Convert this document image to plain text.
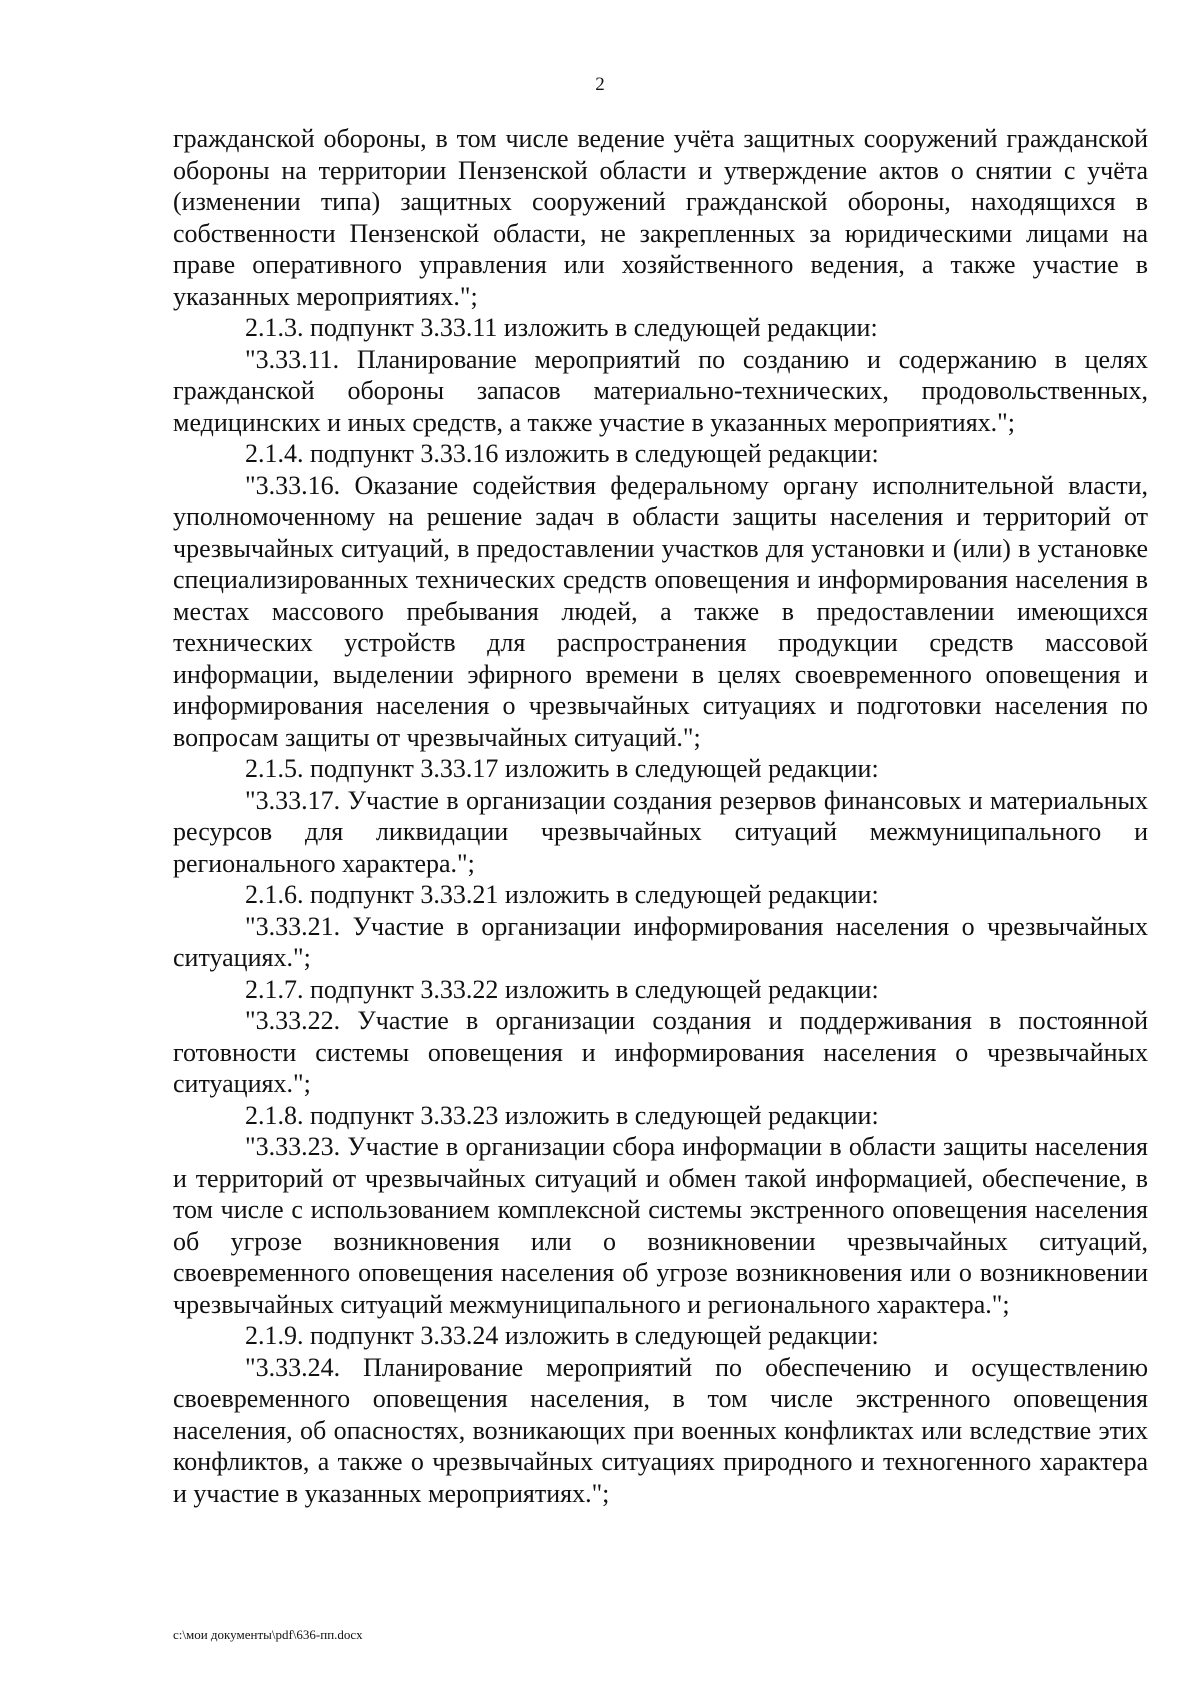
2

гражданской обороны, в том числе ведение учёта защитных сооружений гражданской обороны на территории Пензенской области и утверждение актов о снятии с учёта (изменении типа) защитных сооружений гражданской обороны, находящихся в собственности Пензенской области, не закрепленных за юридическими лицами на праве оперативного управления или хозяйственного ведения, а также участие в указанных мероприятиях.";

2.1.3. подпункт 3.33.11 изложить в следующей редакции:

"3.33.11. Планирование мероприятий по созданию и содержанию в целях гражданской обороны запасов материально-технических, продовольственных, медицинских и иных средств, а также участие в указанных мероприятиях.";

2.1.4. подпункт 3.33.16 изложить в следующей редакции:

"3.33.16. Оказание содействия федеральному органу исполнительной власти, уполномоченному на решение задач в области защиты населения и территорий от чрезвычайных ситуаций, в предоставлении участков для установки и (или) в установке специализированных технических средств оповещения и информирования населения в местах массового пребывания людей, а также в предоставлении имеющихся технических устройств для распространения продукции средств массовой информации, выделении эфирного времени в целях своевременного оповещения и информирования населения о чрезвычайных ситуациях и подготовки населения по вопросам защиты от чрезвычайных ситуаций.";

2.1.5. подпункт 3.33.17 изложить в следующей редакции:

"3.33.17. Участие в организации создания резервов финансовых и материальных ресурсов для ликвидации чрезвычайных ситуаций межмуниципального и регионального характера.";

2.1.6. подпункт 3.33.21 изложить в следующей редакции:

"3.33.21. Участие в организации информирования населения о чрезвычайных ситуациях.";

2.1.7. подпункт 3.33.22 изложить в следующей редакции:

"3.33.22. Участие в организации создания и поддерживания в постоянной готовности системы оповещения и информирования населения о чрезвычайных ситуациях.";

2.1.8. подпункт 3.33.23 изложить в следующей редакции:

"3.33.23. Участие в организации сбора информации в области защиты населения и территорий от чрезвычайных ситуаций и обмен такой информацией, обеспечение, в том числе с использованием комплексной системы экстренного оповещения населения об угрозе возникновения или о возникновении чрезвычайных ситуаций, своевременного оповещения населения об угрозе возникновения или о возникновении чрезвычайных ситуаций межмуниципального и регионального характера.";

2.1.9. подпункт 3.33.24 изложить в следующей редакции:

"3.33.24. Планирование мероприятий по обеспечению и осуществлению своевременного оповещения населения, в том числе экстренного оповещения населения, об опасностях, возникающих при военных конфликтах или вследствие этих конфликтов, а также о чрезвычайных ситуациях природного и техногенного характера и участие в указанных мероприятиях.";

c:\мои документы\pdf\636-пп.docx
